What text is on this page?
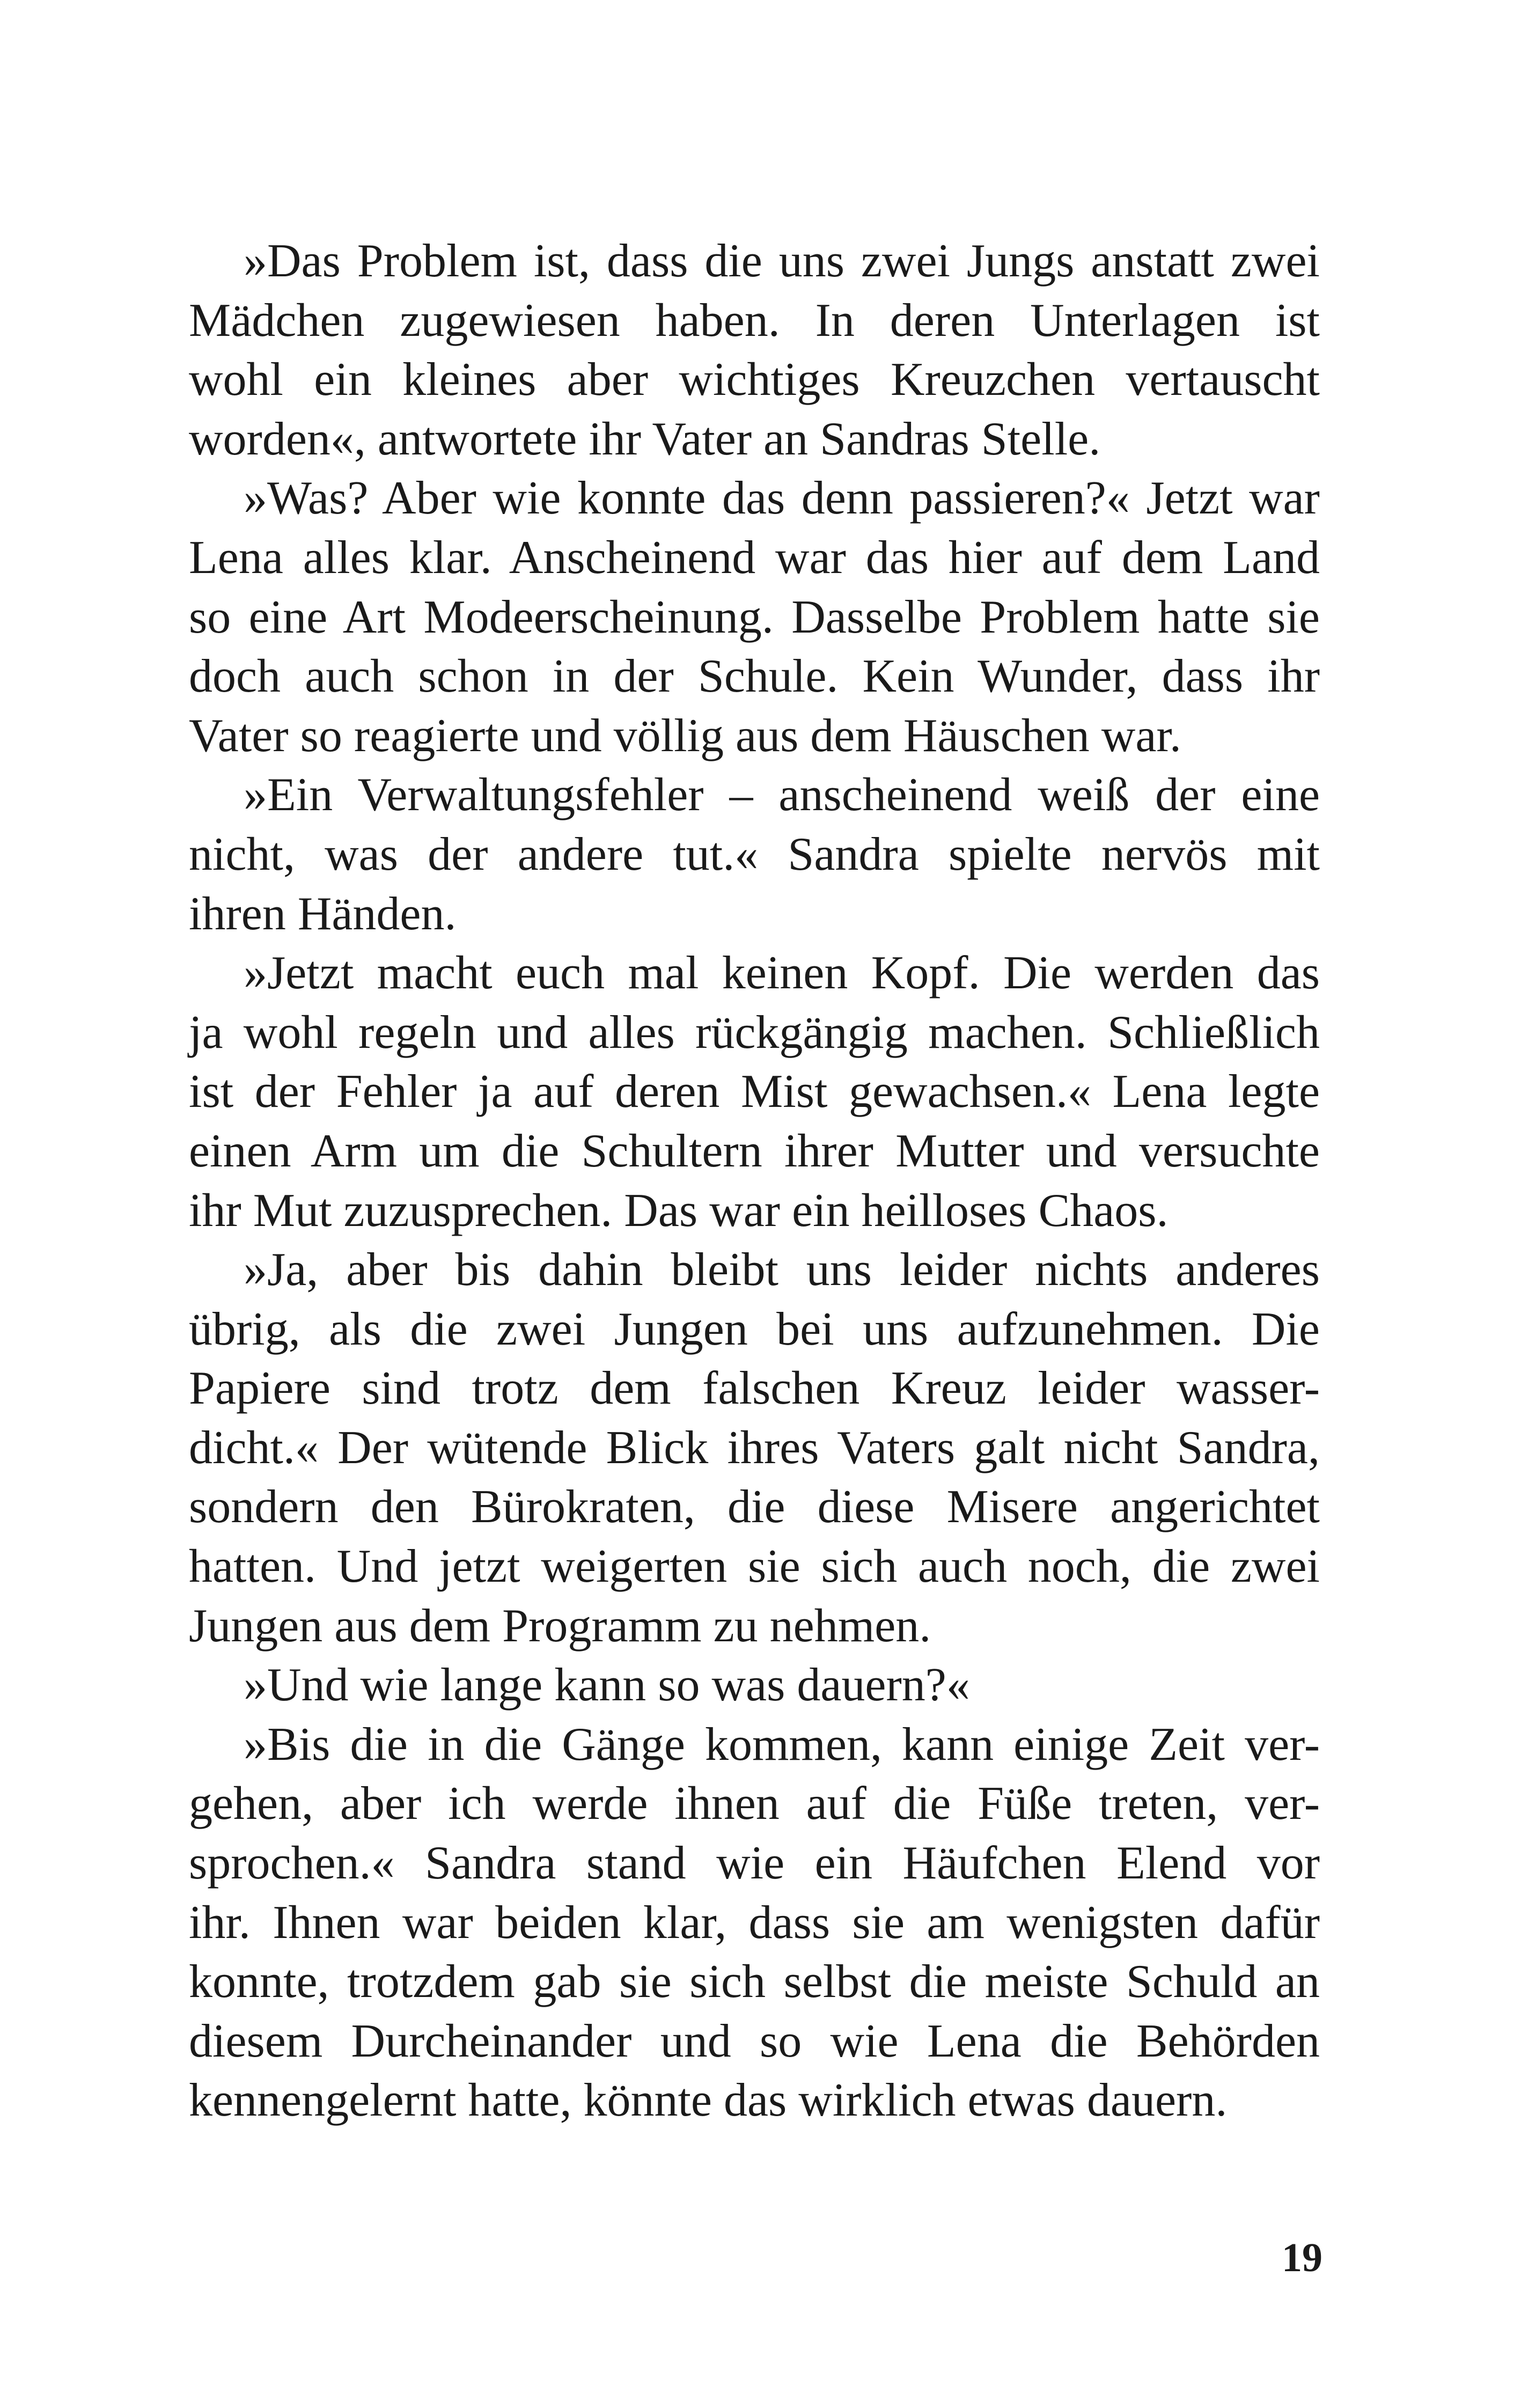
»Das Problem ist, dass die uns zwei Jungs anstatt zwei
Mädchen zugewiesen haben. In deren Unterlagen ist
wohl ein kleines aber wichtiges Kreuzchen vertauscht
worden«, antwortete ihr Vater an Sandras Stelle.
»Was? Aber wie konnte das denn passieren?« Jetzt war
Lena alles klar. Anscheinend war das hier auf dem Land
so eine Art Modeerscheinung. Dasselbe Problem hatte sie
doch auch schon in der Schule. Kein Wunder, dass ihr
Vater so reagierte und völlig aus dem Häuschen war.
»Ein Verwaltungsfehler – anscheinend weiß der eine
nicht, was der andere tut.« Sandra spielte nervös mit
ihren Händen.
»Jetzt macht euch mal keinen Kopf. Die werden das
ja wohl regeln und alles rückgängig machen. Schließlich
ist der Fehler ja auf deren Mist gewachsen.« Lena legte
einen Arm um die Schultern ihrer Mutter und versuchte
ihr Mut zuzusprechen. Das war ein heilloses Chaos.
»Ja, aber bis dahin bleibt uns leider nichts anderes
übrig, als die zwei Jungen bei uns aufzunehmen. Die
Papiere sind trotz dem falschen Kreuz leider wasser-
dicht.« Der wütende Blick ihres Vaters galt nicht Sandra,
sondern den Bürokraten, die diese Misere angerichtet
hatten. Und jetzt weigerten sie sich auch noch, die zwei
Jungen aus dem Programm zu nehmen.
»Und wie lange kann so was dauern?«
»Bis die in die Gänge kommen, kann einige Zeit ver-
gehen, aber ich werde ihnen auf die Füße treten, ver-
sprochen.« Sandra stand wie ein Häufchen Elend vor
ihr. Ihnen war beiden klar, dass sie am wenigsten dafür
konnte, trotzdem gab sie sich selbst die meiste Schuld an
diesem Durcheinander und so wie Lena die Behörden
kennengelernt hatte, könnte das wirklich etwas dauern.
19
